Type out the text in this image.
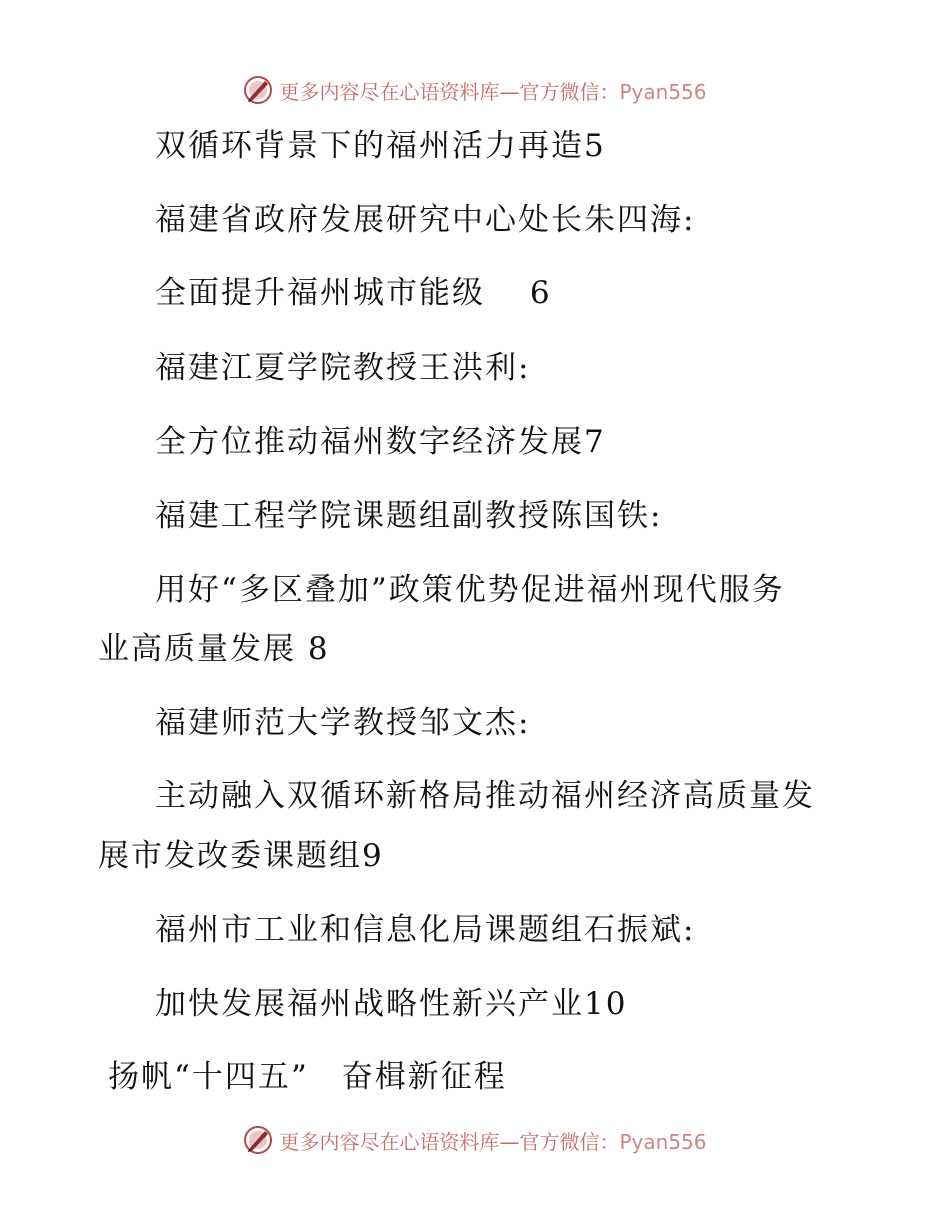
更多内容尽在心语资料库—官方微信：Pyan556
双循环背景下的福州活力再造5
福建省政府发展研究中心处长朱四海:
全面提升福州城市能级　 6
福建江夏学院教授王洪利:
全方位推动福州数字经济发展7
福建工程学院课题组副教授陈国铁:
用好“多区叠加”政策优势促进福州现代服务
业高质量发展 8
福建师范大学教授邹文杰:
主动融入双循环新格局推动福州经济高质量发
展市发改委课题组9
福州市工业和信息化局课题组石振斌:
加快发展福州战略性新兴产业10
扬帆“十四五”　奋楫新征程
更多内容尽在心语资料库—官方微信：Pyan556
